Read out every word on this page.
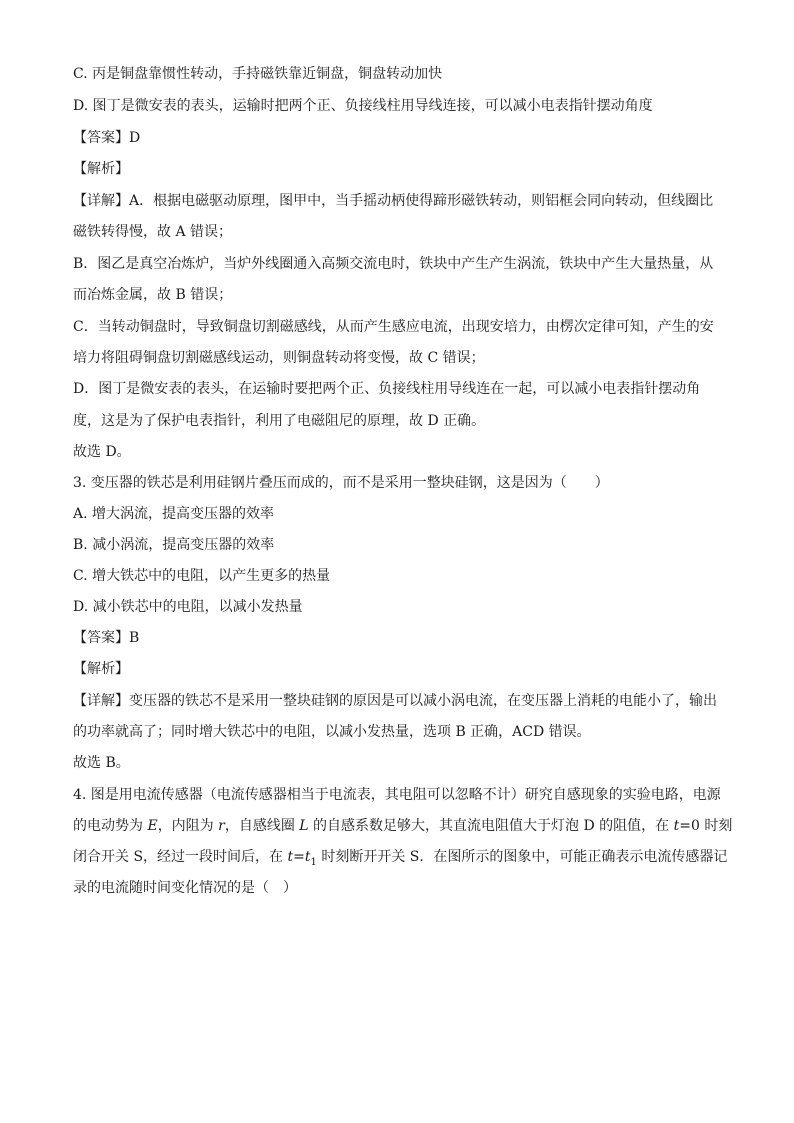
C. 丙是铜盘靠惯性转动，手持磁铁靠近铜盘，铜盘转动加快
D. 图丁是微安表的表头，运输时把两个正、负接线柱用导线连接，可以减小电表指针摆动角度
【答案】D
【解析】
【详解】A．根据电磁驱动原理，图甲中，当手摇动柄使得蹄形磁铁转动，则铝框会同向转动，但线圈比
磁铁转得慢，故 A 错误；
B．图乙是真空冶炼炉，当炉外线圈通入高频交流电时，铁块中产生产生涡流，铁块中产生大量热量，从
而冶炼金属，故 B 错误；
C．当转动铜盘时，导致铜盘切割磁感线，从而产生感应电流，出现安培力，由楞次定律可知，产生的安
培力将阻碍铜盘切割磁感线运动，则铜盘转动将变慢，故 C 错误；
D．图丁是微安表的表头，在运输时要把两个正、负接线柱用导线连在一起，可以减小电表指针摆动角
度，这是为了保护电表指针，利用了电磁阻尼的原理，故 D 正确。
故选 D。
3. 变压器的铁芯是利用硅钢片叠压而成的，而不是采用一整块硅钢，这是因为（　　）
A. 增大涡流，提高变压器的效率
B. 减小涡流，提高变压器的效率
C. 增大铁芯中的电阻，以产生更多的热量
D. 减小铁芯中的电阻，以减小发热量
【答案】B
【解析】
【详解】变压器的铁芯不是采用一整块硅钢的原因是可以减小涡电流，在变压器上消耗的电能小了，输出
的功率就高了；同时增大铁芯中的电阻，以减小发热量，选项 B 正确，ACD 错误。
故选 B。
4. 图是用电流传感器（电流传感器相当于电流表，其电阻可以忽略不计）研究自感现象的实验电路，电源
的电动势为 E，内阻为 r，自感线圈 L 的自感系数足够大，其直流电阻值大于灯泡 D 的阻值，在 t=0 时刻
闭合开关 S，经过一段时间后，在 $t=t_1$ 时刻断开开关 S．在图所示的图象中，可能正确表示电流传感器记
录的电流随时间变化情况的是（　）
